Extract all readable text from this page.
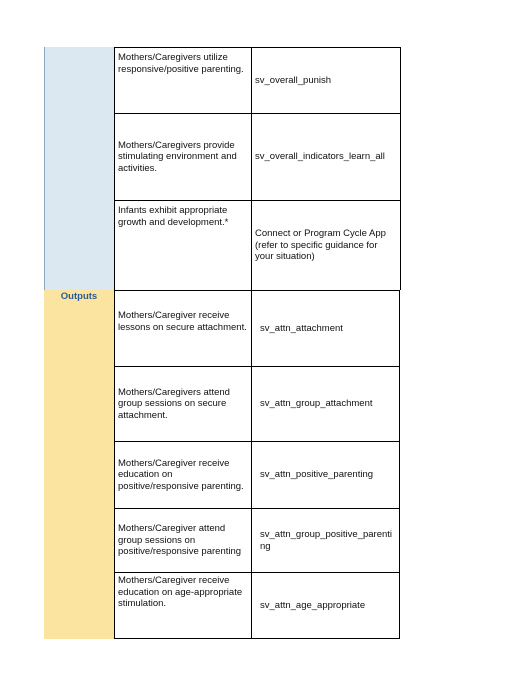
Outputs
Mothers/Caregivers utilize responsive/positive parenting.
sv_overall_punish
Mothers/Caregivers provide stimulating environment and activities.
sv_overall_indicators_learn_all
Infants exhibit appropriate growth and development.*
Connect or Program Cycle App (refer to specific guidance for your situation)
Mothers/Caregiver receive lessons on secure attachment.	sv_attn_attachment
Mothers/Caregivers attend group sessions on secure attachment.
sv_attn_group_attachment
Mothers/Caregiver receive education on positive/responsive parenting.
sv_attn_positive_parenting
Mothers/Caregiver attend group sessions on positive/responsive parenting
sv_attn_group_positive_parenting
Mothers/Caregiver receive education on age-appropriate stimulation.	sv_attn_age_appropriate
